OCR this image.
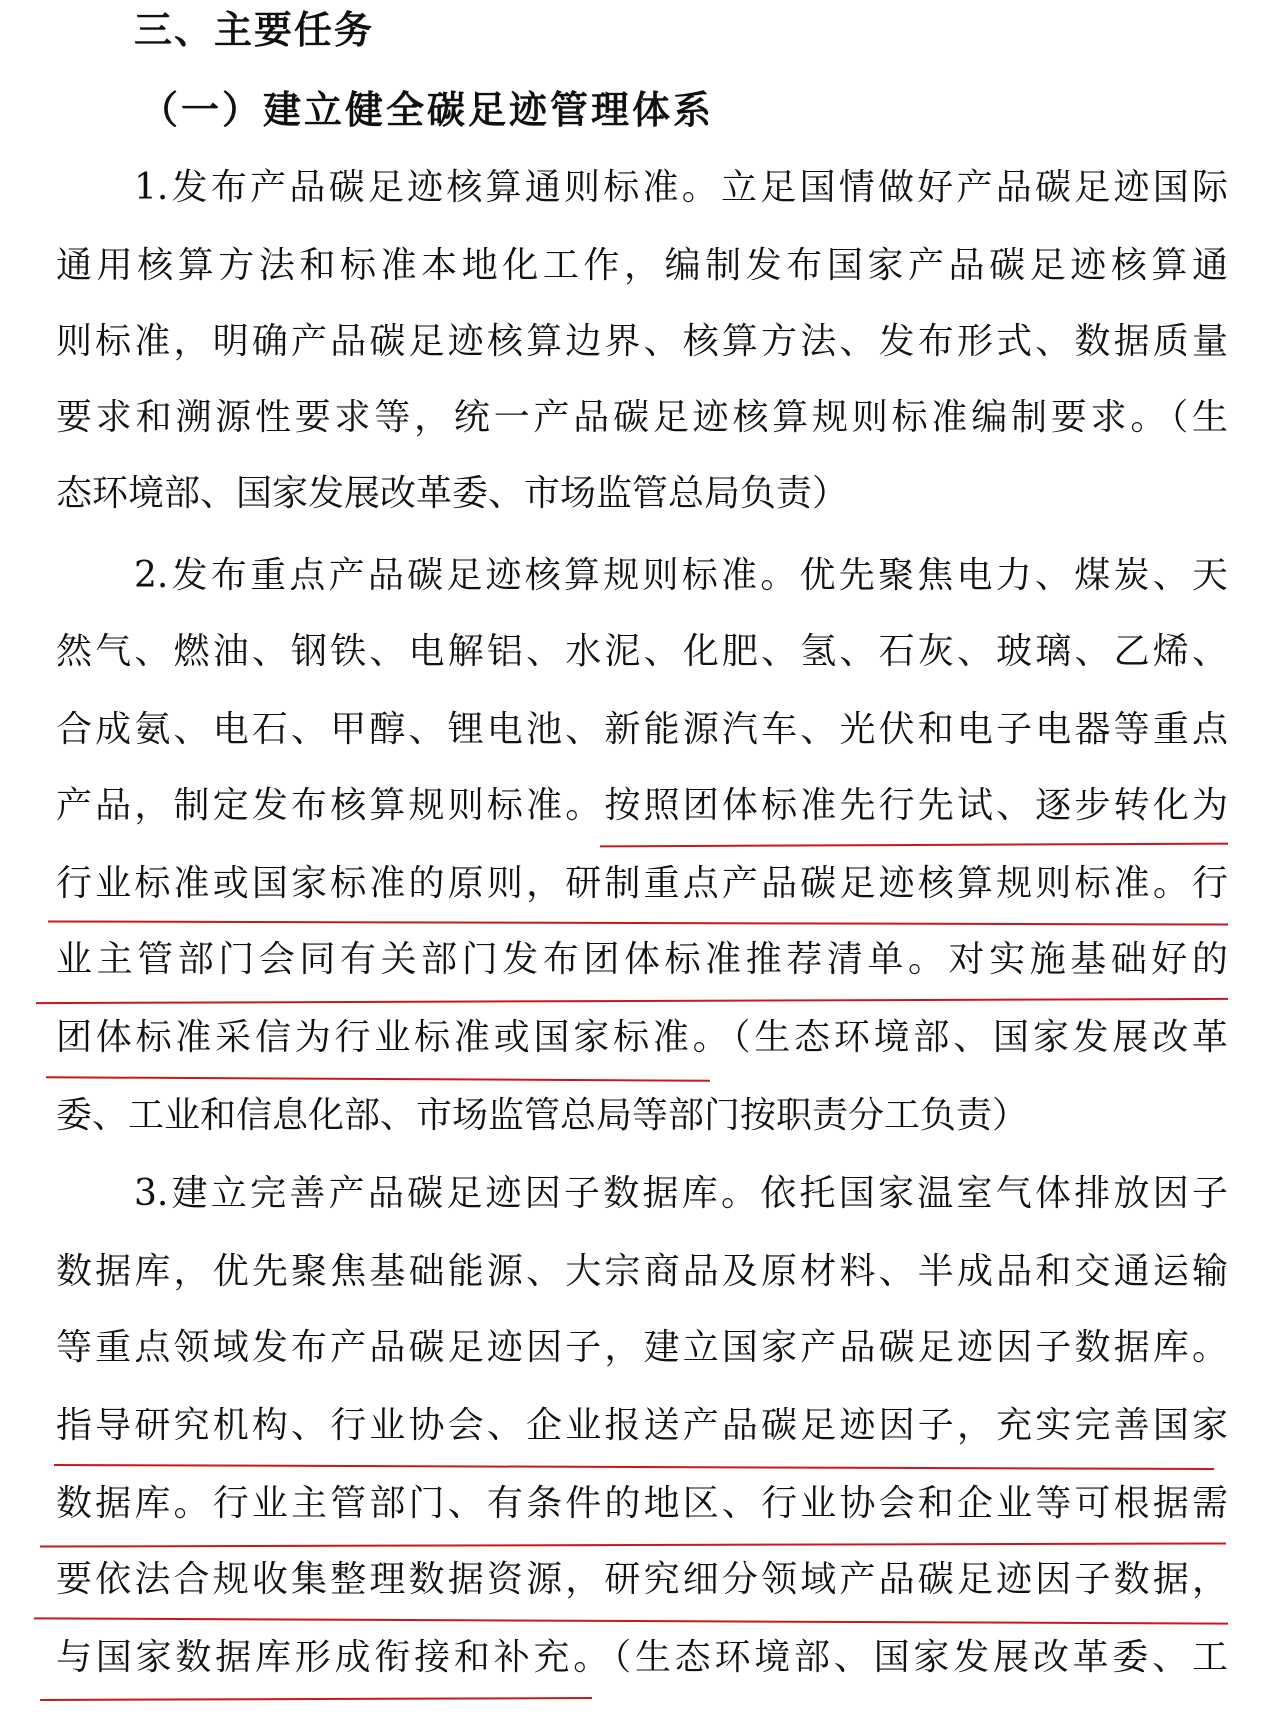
三、主要任务
（一）建立健全碳足迹管理体系
1.发布产品碳足迹核算通则标准。立足国情做好产品碳足迹国际
通用核算方法和标准本地化工作，编制发布国家产品碳足迹核算通
则标准，明确产品碳足迹核算边界、核算方法、发布形式、数据质量
要求和溯源性要求等，统一产品碳足迹核算规则标准编制要求。（生
态环境部、国家发展改革委、市场监管总局负责）
2.发布重点产品碳足迹核算规则标准。优先聚焦电力、煤炭、天
然气、燃油、钢铁、电解铝、水泥、化肥、氢、石灰、玻璃、乙烯、
合成氨、电石、甲醇、锂电池、新能源汽车、光伏和电子电器等重点
产品，制定发布核算规则标准。按照团体标准先行先试、逐步转化为
行业标准或国家标准的原则，研制重点产品碳足迹核算规则标准。行
业主管部门会同有关部门发布团体标准推荐清单。对实施基础好的
团体标准采信为行业标准或国家标准。（生态环境部、国家发展改革
委、工业和信息化部、市场监管总局等部门按职责分工负责）
3.建立完善产品碳足迹因子数据库。依托国家温室气体排放因子
数据库，优先聚焦基础能源、大宗商品及原材料、半成品和交通运输
等重点领域发布产品碳足迹因子，建立国家产品碳足迹因子数据库。
指导研究机构、行业协会、企业报送产品碳足迹因子，充实完善国家
数据库。行业主管部门、有条件的地区、行业协会和企业等可根据需
要依法合规收集整理数据资源，研究细分领域产品碳足迹因子数据，
与国家数据库形成衔接和补充。（生态环境部、国家发展改革委、工
